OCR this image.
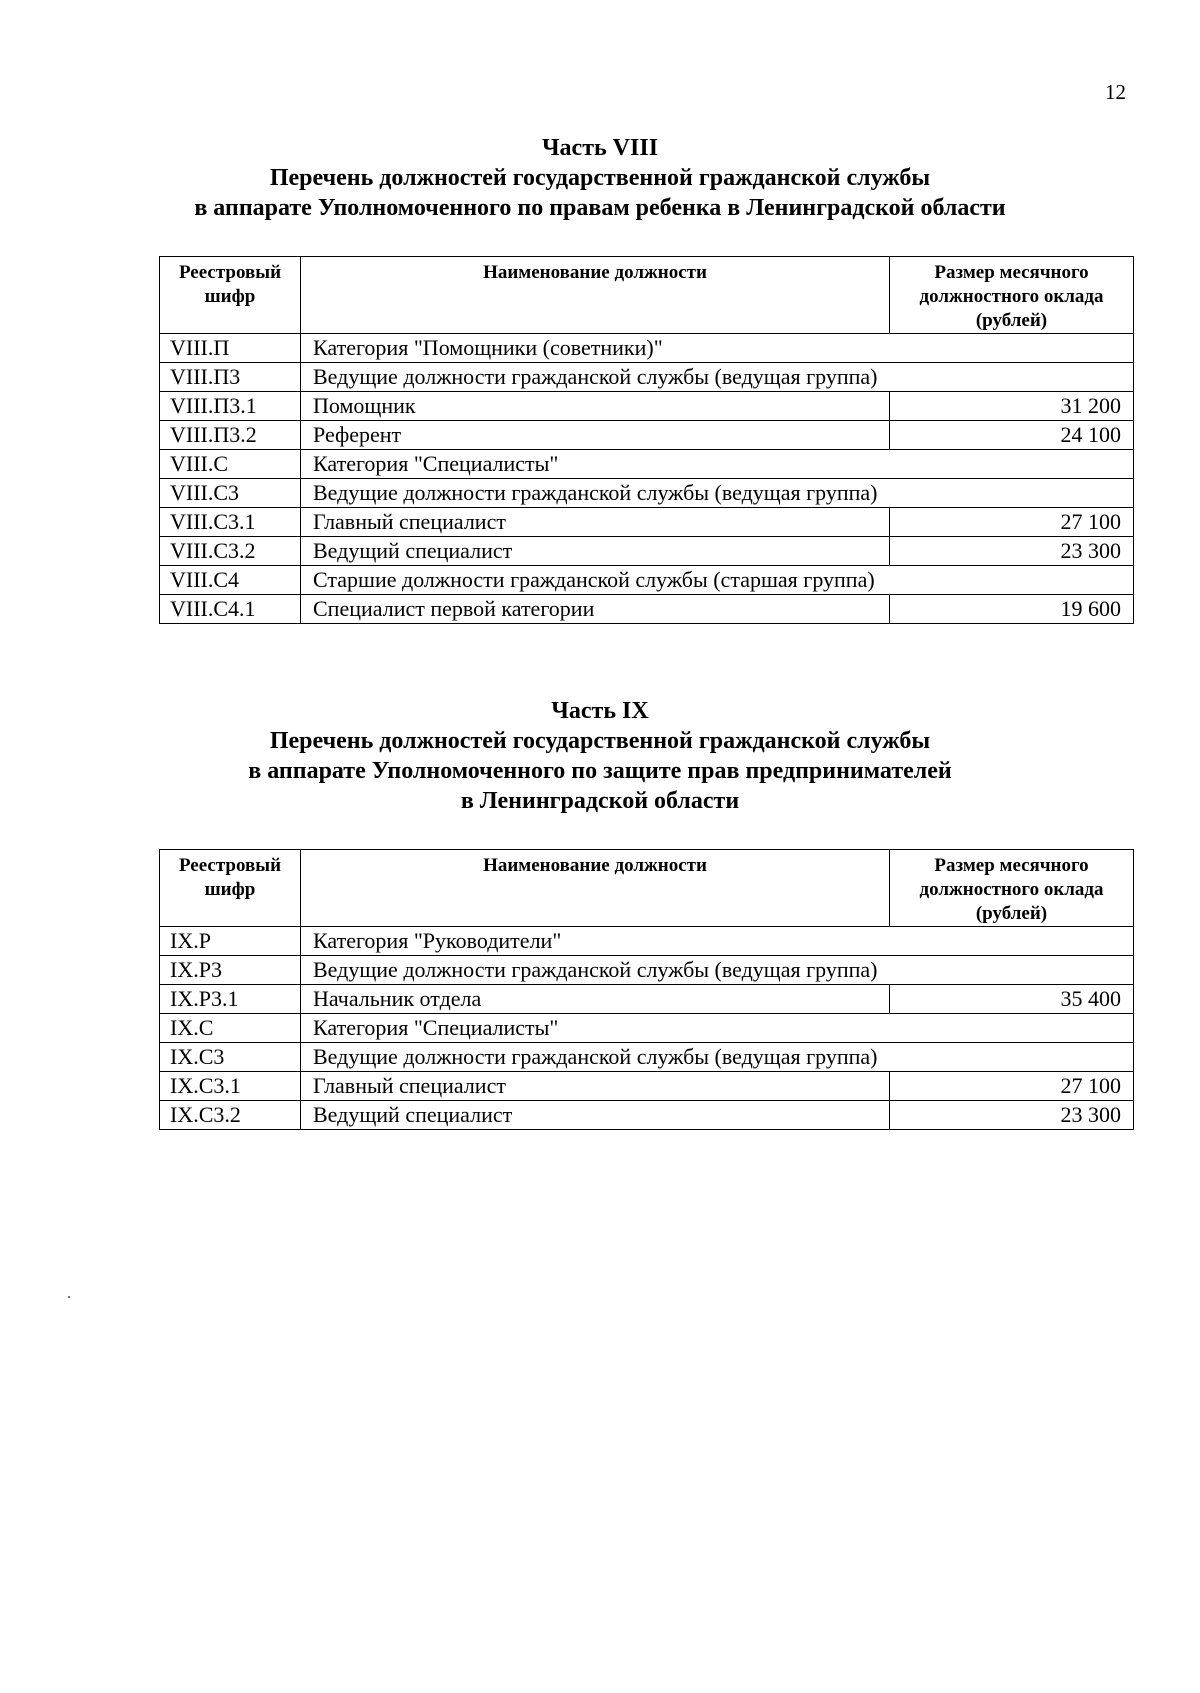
12
Часть VIII
Перечень должностей государственной гражданской службы
в аппарате Уполномоченного по правам ребенка в Ленинградской области
Реестровый шифр	Наименование должности	Размер месячного должностного оклада (рублей)
VIII.П	Категория "Помощники (советники)"	
VIII.П3	Ведущие должности гражданской службы (ведущая группа)	
VIII.П3.1	Помощник	31 200
VIII.П3.2	Референт	24 100
VIII.С	Категория "Специалисты"	
VIII.С3	Ведущие должности гражданской службы (ведущая группа)	
VIII.С3.1	Главный специалист	27 100
VIII.С3.2	Ведущий специалист	23 300
VIII.С4	Старшие должности гражданской службы (старшая группа)	
VIII.С4.1	Специалист первой категории	19 600
Часть IX
Перечень должностей государственной гражданской службы
в аппарате Уполномоченного по защите прав предпринимателей
в Ленинградской области
Реестровый шифр	Наименование должности	Размер месячного должностного оклада (рублей)
IX.Р	Категория "Руководители"	
IX.Р3	Ведущие должности гражданской службы (ведущая группа)	
IX.Р3.1	Начальник отдела	35 400
IX.С	Категория "Специалисты"	
IX.С3	Ведущие должности гражданской службы (ведущая группа)	
IX.С3.1	Главный специалист	27 100
IX.С3.2	Ведущий специалист	23 300
